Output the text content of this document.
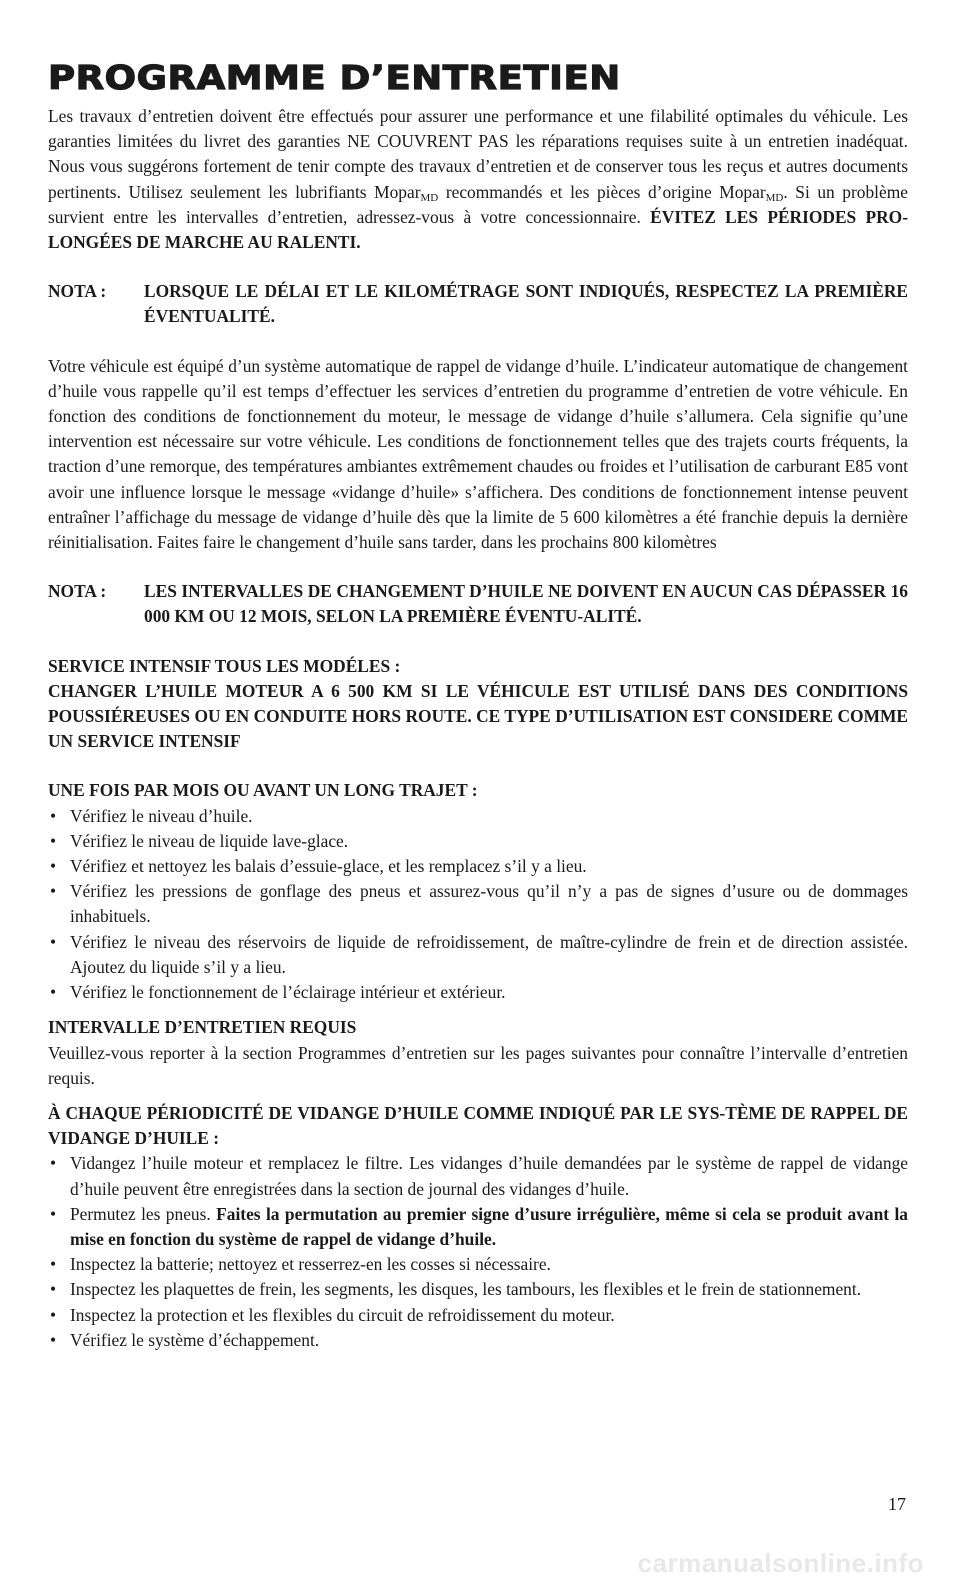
PROGRAMME D’ENTRETIEN

Les travaux d’entretien doivent être effectués pour assurer une performance et une filabilité optimales du véhicule. Les garanties limitées du livret des garanties NE COUVRENT PAS les réparations requises suite à un entretien inadéquat. Nous vous suggérons fortement de tenir compte des travaux d’entretien et de conserver tous les reçus et autres documents pertinents. Utilisez seulement les lubrifiants Mopar$_{MD}$ recommandés et les pièces d’origine Mopar$_{MD}$. Si un problème survient entre les intervalles d’entretien, adressez-vous à votre concessionnaire. ÉVITEZ LES PÉRIODES PRO-LONGÉES DE MARCHE AU RALENTI.

NOTA :	LORSQUE LE DÉLAI ET LE KILOMÉTRAGE SONT INDIQUÉS, RESPECTEZ LA PREMIÈRE ÉVENTUALITÉ.

Votre véhicule est équipé d’un système automatique de rappel de vidange d’huile. L’indicateur automatique de changement d’huile vous rappelle qu’il est temps d’effectuer les services d’entretien du programme d’entretien de votre véhicule. En fonction des conditions de fonctionnement du moteur, le message de vidange d’huile s’allumera. Cela signifie qu’une intervention est nécessaire sur votre véhicule. Les conditions de fonctionnement telles que des trajets courts fréquents, la traction d’une remorque, des températures ambiantes extrêmement chaudes ou froides et l’utilisation de carburant E85 vont avoir une influence lorsque le message «vidange d’huile» s’affichera. Des conditions de fonctionnement intense peuvent entraîner l’affichage du message de vidange d’huile dès que la limite de 5 600 kilomètres a été franchie depuis la dernière réinitialisation. Faites faire le changement d’huile sans tarder, dans les prochains 800 kilomètres

NOTA :	LES INTERVALLES DE CHANGEMENT D’HUILE NE DOIVENT EN AUCUN CAS DÉPASSER 16 000 KM OU 12 MOIS, SELON LA PREMIÈRE ÉVENTU-ALITÉ.

SERVICE INTENSIF TOUS LES MODÉLES :

CHANGER L’HUILE MOTEUR A 6 500 KM SI LE VÉHICULE EST UTILISÉ DANS DES CONDITIONS POUSSIÉREUSES OU EN CONDUITE HORS ROUTE. CE TYPE D’UTILISATION EST CONSIDERE COMME UN SERVICE INTENSIF

UNE FOIS PAR MOIS OU AVANT UN LONG TRAJET :

• Vérifiez le niveau d’huile.
• Vérifiez le niveau de liquide lave-glace.
• Vérifiez et nettoyez les balais d’essuie-glace, et les remplacez s’il y a lieu.
• Vérifiez les pressions de gonflage des pneus et assurez-vous qu’il n’y a pas de signes d’usure ou de dommages inhabituels.
• Vérifiez le niveau des réservoirs de liquide de refroidissement, de maître-cylindre de frein et de direction assistée. Ajoutez du liquide s’il y a lieu.
• Vérifiez le fonctionnement de l’éclairage intérieur et extérieur.

INTERVALLE D’ENTRETIEN REQUIS

Veuillez-vous reporter à la section Programmes d’entretien sur les pages suivantes pour connaître l’intervalle d’entretien requis.

À CHAQUE PÉRIODICITÉ DE VIDANGE D’HUILE COMME INDIQUÉ PAR LE SYS-TÈME DE RAPPEL DE VIDANGE D’HUILE :

• Vidangez l’huile moteur et remplacez le filtre. Les vidanges d’huile demandées par le système de rappel de vidange d’huile peuvent être enregistrées dans la section de journal des vidanges d’huile.
• Permutez les pneus. Faites la permutation au premier signe d’usure irrégulière, même si cela se produit avant la mise en fonction du système de rappel de vidange d’huile.
• Inspectez la batterie; nettoyez et resserrez-en les cosses si nécessaire.
• Inspectez les plaquettes de frein, les segments, les disques, les tambours, les flexibles et le frein de stationnement.
• Inspectez la protection et les flexibles du circuit de refroidissement du moteur.
• Vérifiez le système d’échappement.
17
carmanualsonline.info
